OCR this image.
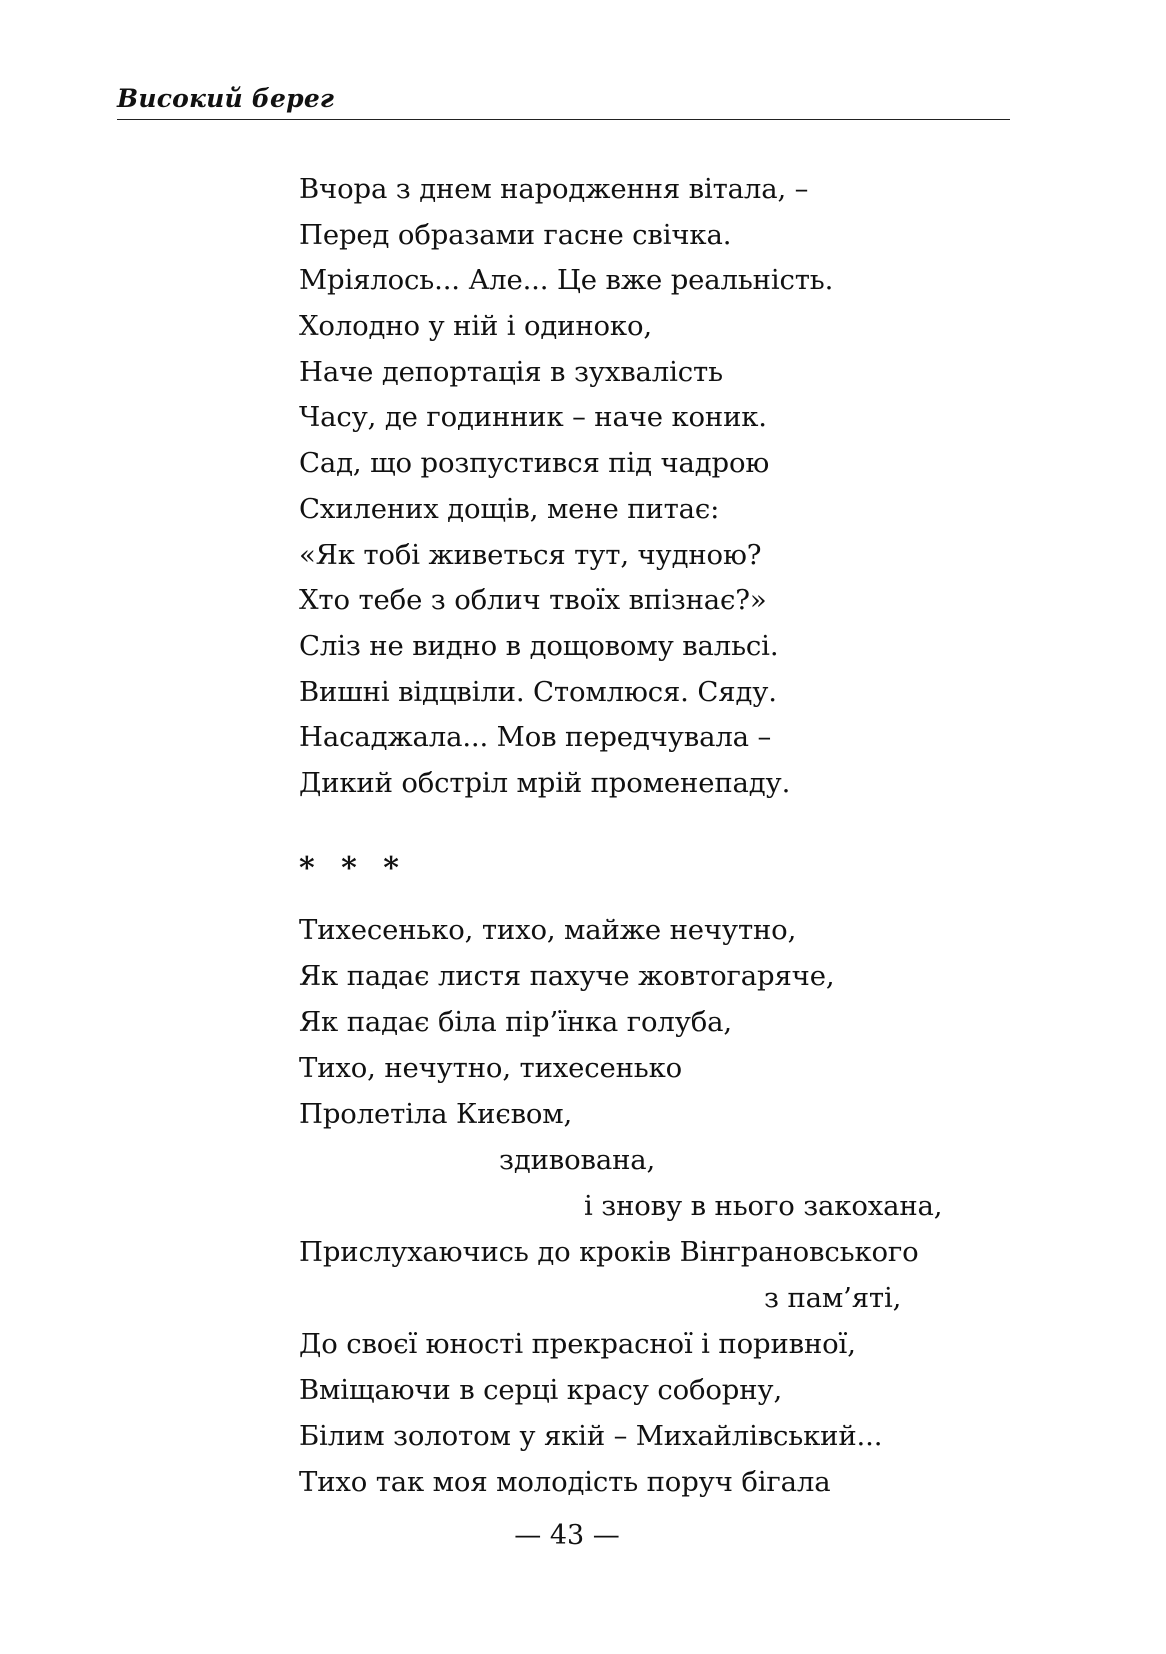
Високий берег
Вчора з днем народження вітала, –
Перед образами гасне свічка.
Мріялось... Але... Це вже реальність.
Холодно у ній і одиноко,
Наче депортація в зухвалість
Часу, де годинник – наче коник.
Сад, що розпустився під чадрою
Схилених дощів, мене питає:
«Як тобі живеться тут, чудною?
Хто тебе з облич твоїх впізнає?»
Сліз не видно в дощовому вальсі.
Вишні відцвіли. Стомлюся. Сяду.
Насаджала... Мов передчувала –
Дикий обстріл мрій променепаду.
* * *
Тихесенько, тихо, майже нечутно,
Як падає листя пахуче жовтогаряче,
Як падає біла пір’їнка голуба,
Тихо, нечутно, тихесенько
Пролетіла Києвом,
здивована,
і знову в нього закохана,
Прислухаючись до кроків Вінграновського
з пам’яті,
До своєї юності прекрасної і поривної,
Вміщаючи в серці красу соборну,
Білим золотом у якій – Михайлівський...
Тихо так моя молодість поруч бігала
— 43 —
